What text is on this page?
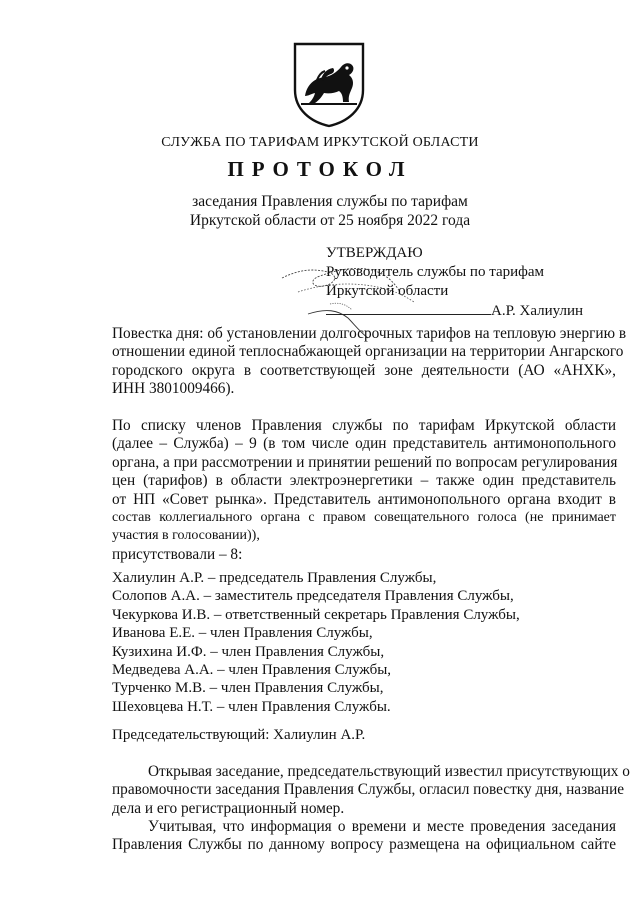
СЛУЖБА ПО ТАРИФАМ ИРКУТСКОЙ ОБЛАСТИ
ПРОТОКОЛ
заседания Правления службы по тарифам
Иркутской области от 25 ноября 2022 года
УТВЕРЖДАЮ
Руководитель службы по тарифам
Иркутской области
А.Р. Халиулин
Повестка дня: об установлении долгосрочных тарифов на тепловую энергию в
отношении единой теплоснабжающей организации на территории Ангарского
городского округа в соответствующей зоне деятельности (АО «АНХК»,
ИНН 3801009466).
По списку членов Правления службы по тарифам Иркутской области
(далее – Служба) – 9 (в том числе один представитель антимонопольного
органа, а при рассмотрении и принятии решений по вопросам регулирования
цен (тарифов) в области электроэнергетики – также один представитель
от НП «Совет рынка». Представитель антимонопольного органа входит в
состав коллегиального органа с правом совещательного голоса (не принимает
участия в голосовании)),
присутствовали – 8:
Халиулин А.Р. – председатель Правления Службы,
Солопов А.А. – заместитель председателя Правления Службы,
Чекуркова И.В. – ответственный секретарь Правления Службы,
Иванова Е.Е. – член Правления Службы,
Кузихина И.Ф. – член Правления Службы,
Медведева А.А. – член Правления Службы,
Турченко М.В. – член Правления Службы,
Шеховцева Н.Т. – член Правления Службы.
Председательствующий: Халиулин А.Р.
Открывая заседание, председательствующий известил присутствующих о
правомочности заседания Правления Службы, огласил повестку дня, название
дела и его регистрационный номер.
Учитывая, что информация о времени и месте проведения заседания
Правления Службы по данному вопросу размещена на официальном сайте
